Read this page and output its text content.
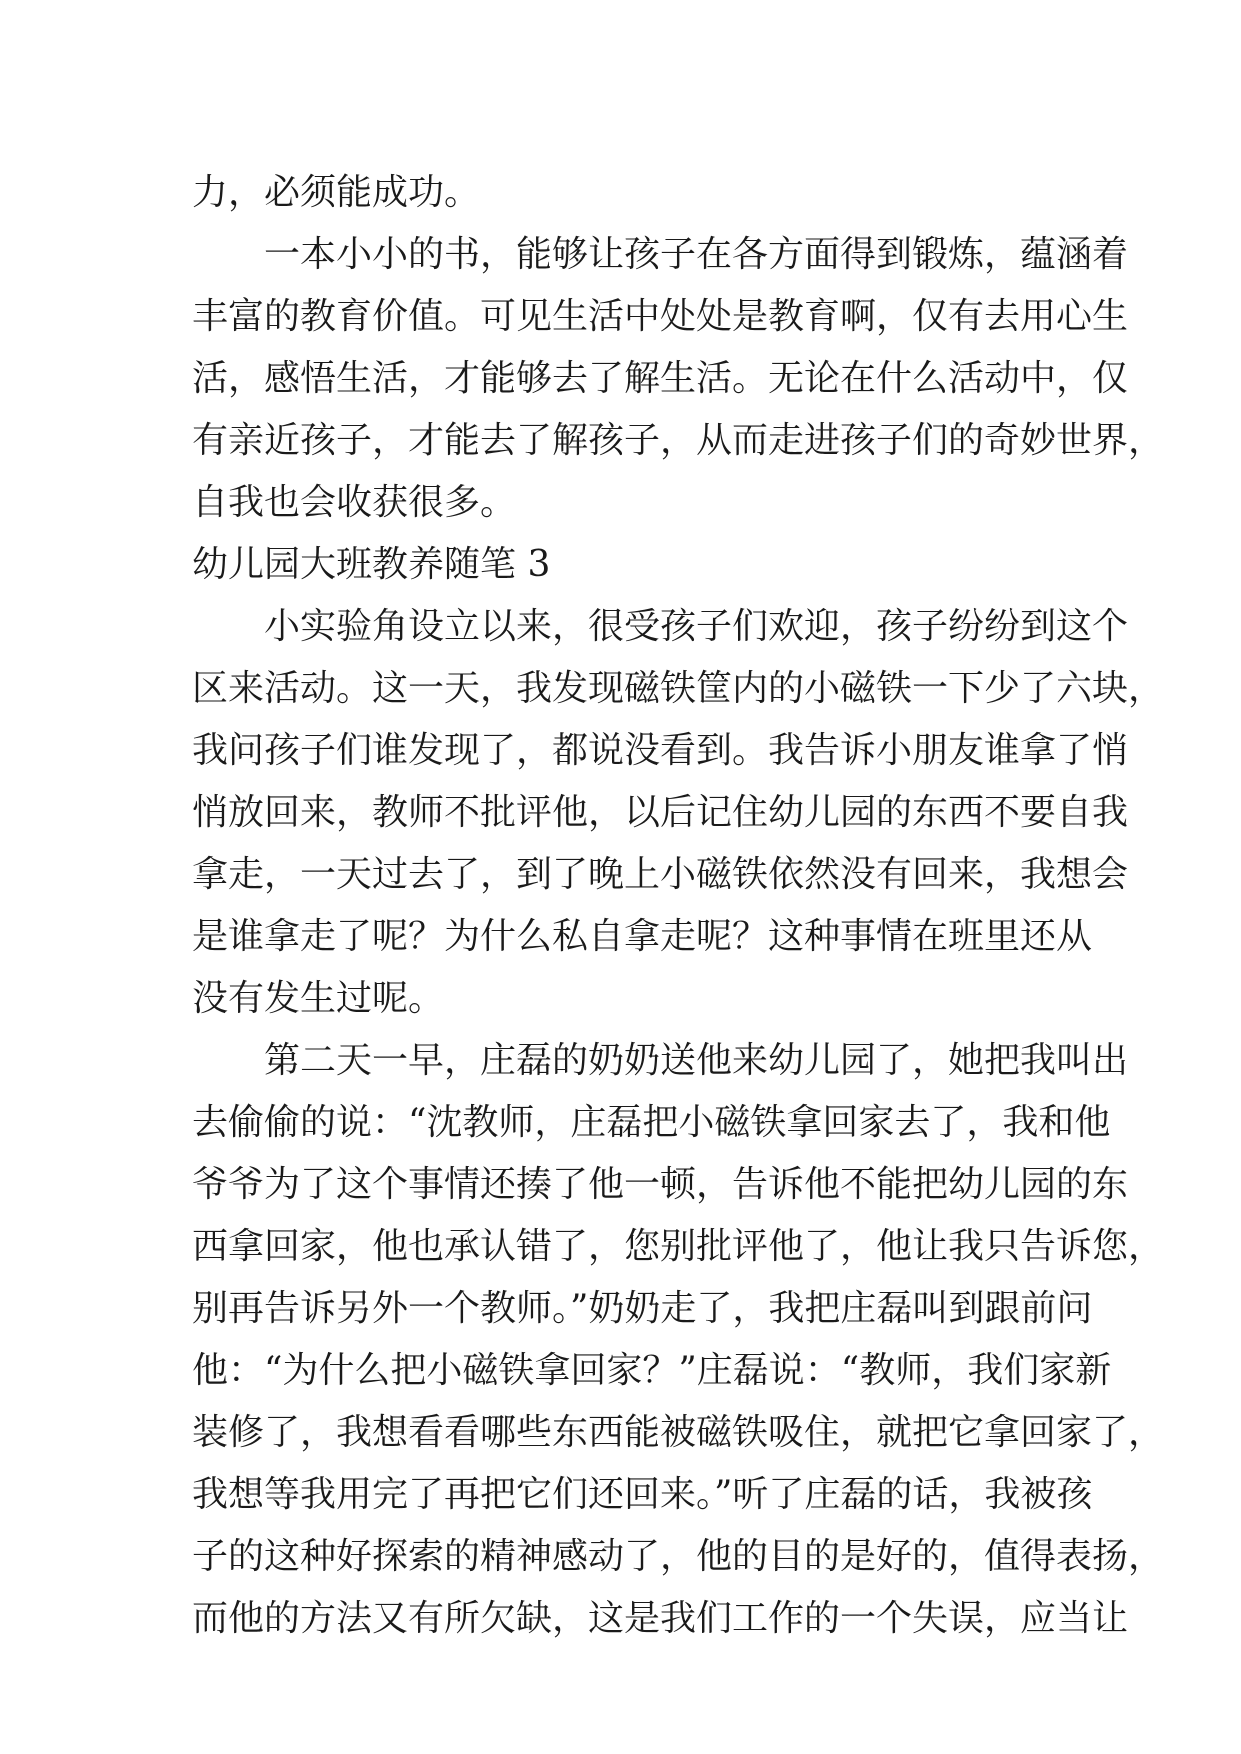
力，必须能成功。

一本小小的书，能够让孩子在各方面得到锻炼，蕴涵着
丰富的教育价值。可见生活中处处是教育啊，仅有去用心生
活，感悟生活，才能够去了解生活。无论在什么活动中，仅
有亲近孩子，才能去了解孩子，从而走进孩子们的奇妙世界，
自我也会收获很多。

幼儿园大班教养随笔 3

小实验角设立以来，很受孩子们欢迎，孩子纷纷到这个
区来活动。这一天，我发现磁铁筐内的小磁铁一下少了六块，
我问孩子们谁发现了，都说没看到。我告诉小朋友谁拿了悄
悄放回来，教师不批评他，以后记住幼儿园的东西不要自我
拿走，一天过去了，到了晚上小磁铁依然没有回来，我想会
是谁拿走了呢？为什么私自拿走呢？这种事情在班里还从
没有发生过呢。

第二天一早，庄磊的奶奶送他来幼儿园了，她把我叫出
去偷偷的说：“沈教师，庄磊把小磁铁拿回家去了，我和他
爷爷为了这个事情还揍了他一顿，告诉他不能把幼儿园的东
西拿回家，他也承认错了，您别批评他了，他让我只告诉您，
别再告诉另外一个教师。”奶奶走了，我把庄磊叫到跟前问
他：“为什么把小磁铁拿回家？”庄磊说：“教师，我们家新
装修了，我想看看哪些东西能被磁铁吸住，就把它拿回家了，
我想等我用完了再把它们还回来。”听了庄磊的话，我被孩
子的这种好探索的精神感动了，他的目的是好的，值得表扬，
而他的方法又有所欠缺，这是我们工作的一个失误，应当让
